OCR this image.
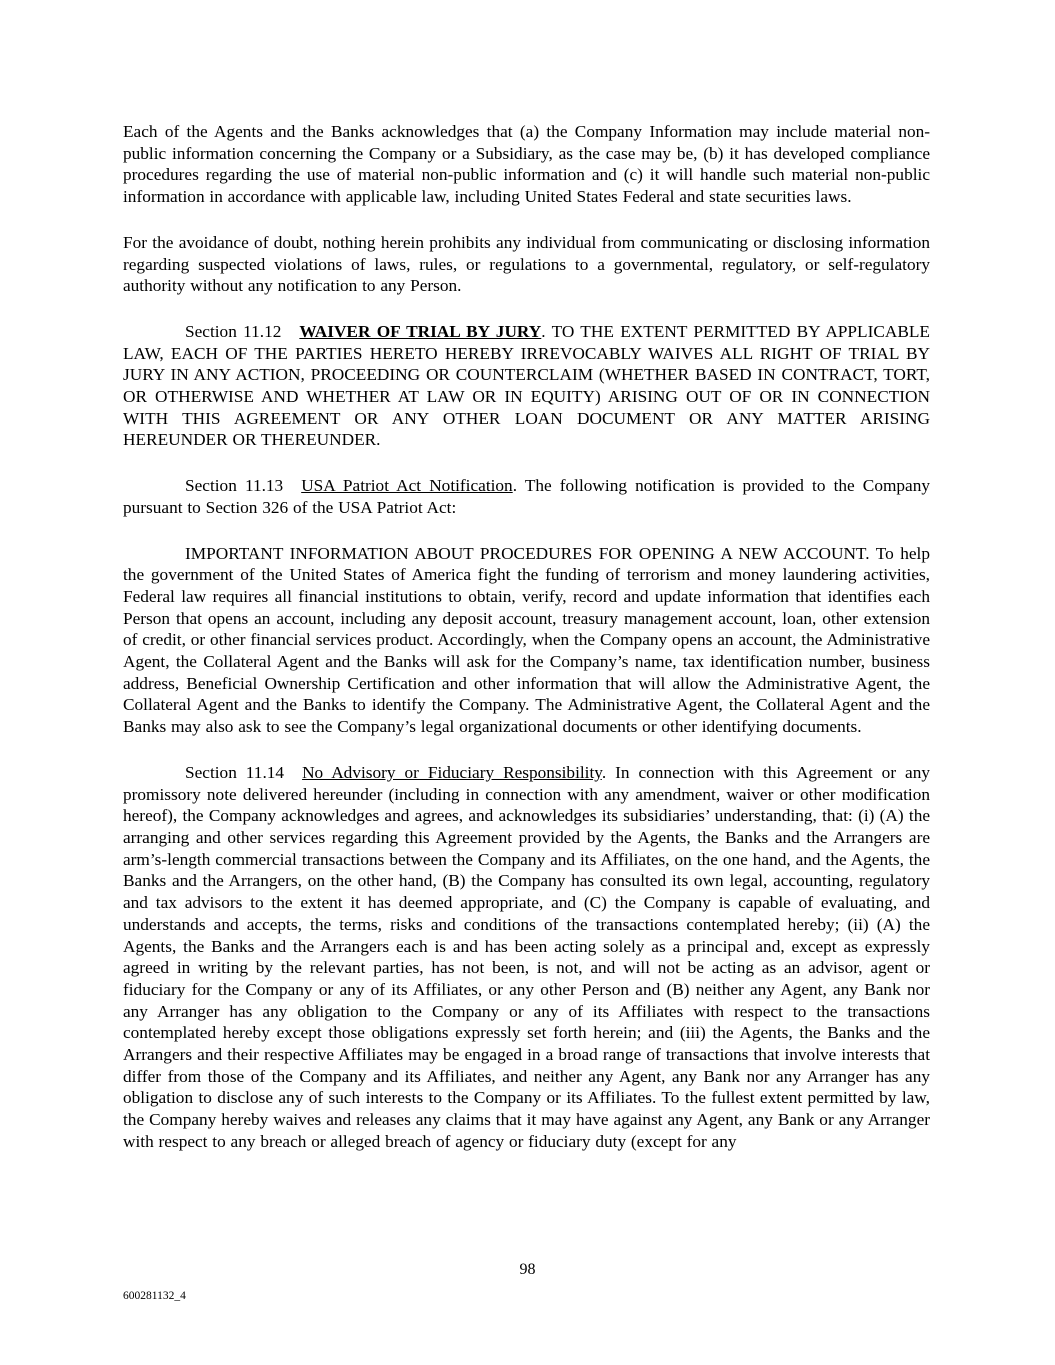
Each of the Agents and the Banks acknowledges that (a) the Company Information may include material non-public information concerning the Company or a Subsidiary, as the case may be, (b) it has developed compliance procedures regarding the use of material non-public information and (c) it will handle such material non-public information in accordance with applicable law, including United States Federal and state securities laws.

For the avoidance of doubt, nothing herein prohibits any individual from communicating or disclosing information regarding suspected violations of laws, rules, or regulations to a governmental, regulatory, or self-regulatory authority without any notification to any Person.

Section 11.12 WAIVER OF TRIAL BY JURY. TO THE EXTENT PERMITTED BY APPLICABLE LAW, EACH OF THE PARTIES HERETO HEREBY IRREVOCABLY WAIVES ALL RIGHT OF TRIAL BY JURY IN ANY ACTION, PROCEEDING OR COUNTERCLAIM (WHETHER BASED IN CONTRACT, TORT, OR OTHERWISE AND WHETHER AT LAW OR IN EQUITY) ARISING OUT OF OR IN CONNECTION WITH THIS AGREEMENT OR ANY OTHER LOAN DOCUMENT OR ANY MATTER ARISING HEREUNDER OR THEREUNDER.

Section 11.13 USA Patriot Act Notification. The following notification is provided to the Company pursuant to Section 326 of the USA Patriot Act:

IMPORTANT INFORMATION ABOUT PROCEDURES FOR OPENING A NEW ACCOUNT. To help the government of the United States of America fight the funding of terrorism and money laundering activities, Federal law requires all financial institutions to obtain, verify, record and update information that identifies each Person that opens an account, including any deposit account, treasury management account, loan, other extension of credit, or other financial services product. Accordingly, when the Company opens an account, the Administrative Agent, the Collateral Agent and the Banks will ask for the Company’s name, tax identification number, business address, Beneficial Ownership Certification and other information that will allow the Administrative Agent, the Collateral Agent and the Banks to identify the Company. The Administrative Agent, the Collateral Agent and the Banks may also ask to see the Company’s legal organizational documents or other identifying documents.

Section 11.14 No Advisory or Fiduciary Responsibility. In connection with this Agreement or any promissory note delivered hereunder (including in connection with any amendment, waiver or other modification hereof), the Company acknowledges and agrees, and acknowledges its subsidiaries’ understanding, that: (i) (A) the arranging and other services regarding this Agreement provided by the Agents, the Banks and the Arrangers are arm’s-length commercial transactions between the Company and its Affiliates, on the one hand, and the Agents, the Banks and the Arrangers, on the other hand, (B) the Company has consulted its own legal, accounting, regulatory and tax advisors to the extent it has deemed appropriate, and (C) the Company is capable of evaluating, and understands and accepts, the terms, risks and conditions of the transactions contemplated hereby; (ii) (A) the Agents, the Banks and the Arrangers each is and has been acting solely as a principal and, except as expressly agreed in writing by the relevant parties, has not been, is not, and will not be acting as an advisor, agent or fiduciary for the Company or any of its Affiliates, or any other Person and (B) neither any Agent, any Bank nor any Arranger has any obligation to the Company or any of its Affiliates with respect to the transactions contemplated hereby except those obligations expressly set forth herein; and (iii) the Agents, the Banks and the Arrangers and their respective Affiliates may be engaged in a broad range of transactions that involve interests that differ from those of the Company and its Affiliates, and neither any Agent, any Bank nor any Arranger has any obligation to disclose any of such interests to the Company or its Affiliates. To the fullest extent permitted by law, the Company hereby waives and releases any claims that it may have against any Agent, any Bank or any Arranger with respect to any breach or alleged breach of agency or fiduciary duty (except for any

98
600281132_4
